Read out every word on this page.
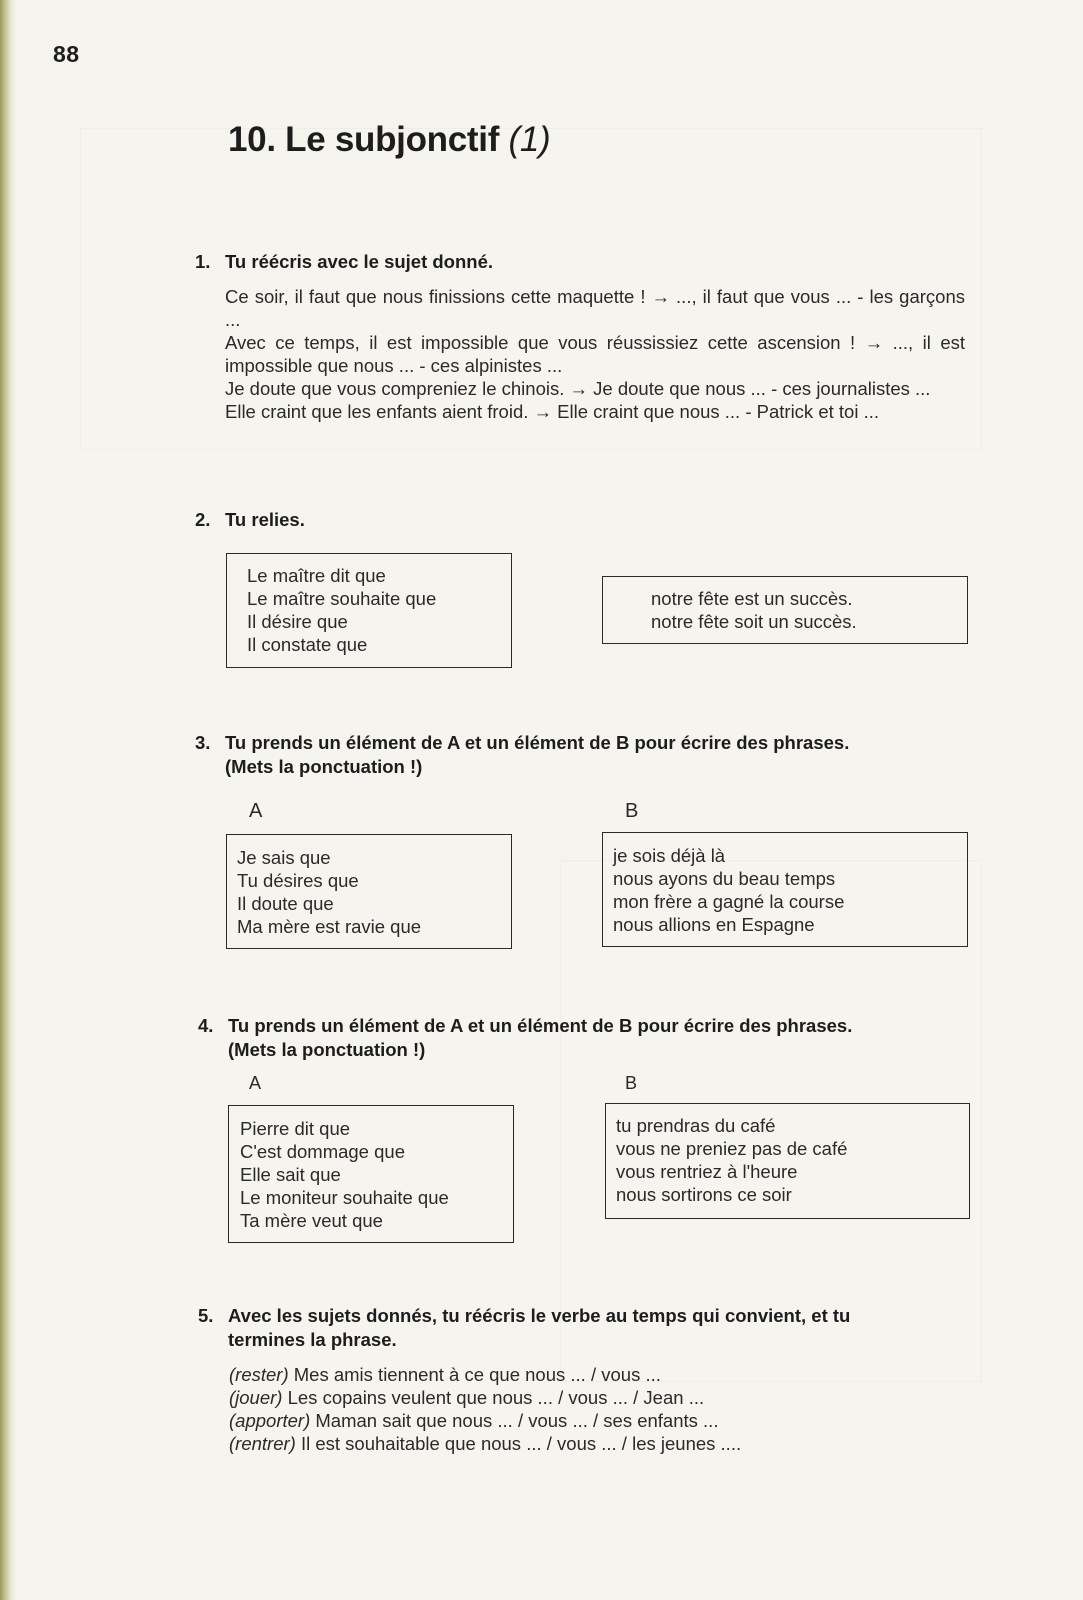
88
10. Le subjonctif (1)
1. Tu réécris avec le sujet donné.
Ce soir, il faut que nous finissions cette maquette ! → ..., il faut que vous ... - les garçons ...
Avec ce temps, il est impossible que vous réussissiez cette ascension ! → ..., il est impossible que nous ... - ces alpinistes ...
Je doute que vous compreniez le chinois. → Je doute que nous ... - ces journalistes ...
Elle craint que les enfants aient froid. → Elle craint que nous ... - Patrick et toi ...
2. Tu relies.
Le maître dit que
Le maître souhaite que
Il désire que
Il constate que
notre fête est un succès.
notre fête soit un succès.
3. Tu prends un élément de A et un élément de B pour écrire des phrases.
(Mets la ponctuation !)
A	B
Je sais que
Tu désires que
Il doute que
Ma mère est ravie que
je sois déjà là
nous ayons du beau temps
mon frère a gagné la course
nous allions en Espagne
4. Tu prends un élément de A et un élément de B pour écrire des phrases.
(Mets la ponctuation !)
A	B
Pierre dit que
C'est dommage que
Elle sait que
Le moniteur souhaite que
Ta mère veut que
tu prendras du café
vous ne preniez pas de café
vous rentriez à l'heure
nous sortirons ce soir
5. Avec les sujets donnés, tu réécris le verbe au temps qui convient, et tu
termines la phrase.
(rester) Mes amis tiennent à ce que nous ... / vous ...
(jouer) Les copains veulent que nous ... / vous ... / Jean ...
(apporter) Maman sait que nous ... / vous ... / ses enfants ...
(rentrer) Il est souhaitable que nous ... / vous ... / les jeunes ....
